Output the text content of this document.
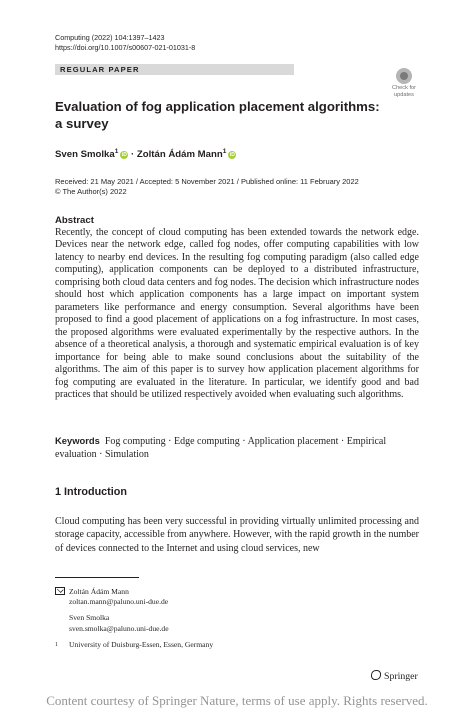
Computing (2022) 104:1397–1423
https://doi.org/10.1007/s00607-021-01031-8
REGULAR PAPER
Check for
updates
Evaluation of fog application placement algorithms: a survey
Sven Smolka$^1$iD · Zoltán Ádám Mann$^1$iD
Received: 21 May 2021 / Accepted: 5 November 2021 / Published online: 11 February 2022
© The Author(s) 2022
Abstract
Recently, the concept of cloud computing has been extended towards the network edge. Devices near the network edge, called fog nodes, offer computing capabilities with low latency to nearby end devices. In the resulting fog computing paradigm (also called edge computing), application components can be deployed to a distributed infrastructure, comprising both cloud data centers and fog nodes. The decision which infrastructure nodes should host which application components has a large impact on important system parameters like performance and energy consumption. Several algorithms have been proposed to find a good placement of applications on a fog infrastructure. In most cases, the proposed algorithms were evaluated experimentally by the respective authors. In the absence of a theoretical analysis, a thorough and systematic empirical evaluation is of key importance for being able to make sound conclusions about the suitability of the algorithms. The aim of this paper is to survey how application placement algorithms for fog computing are evaluated in the literature. In particular, we identify good and bad practices that should be utilized respectively avoided when evaluating such algorithms.
Keywords Fog computing · Edge computing · Application placement · Empirical evaluation · Simulation
1 Introduction
Cloud computing has been very successful in providing virtually unlimited processing and storage capacity, accessible from anywhere. However, with the rapid growth in the number of devices connected to the Internet and using cloud services, new
Zoltán Ádám Mann
zoltan.mann@paluno.uni-due.de
Sven Smolka
sven.smolka@paluno.uni-due.de
1	University of Duisburg-Essen, Essen, Germany
Springer
Content courtesy of Springer Nature, terms of use apply. Rights reserved.
